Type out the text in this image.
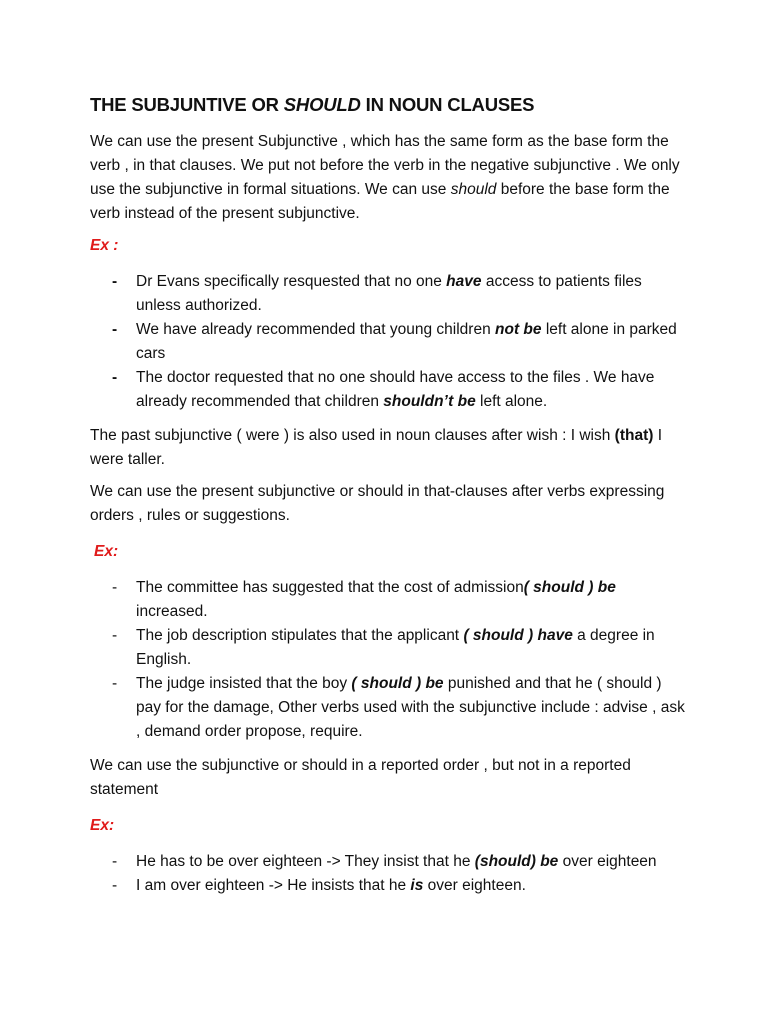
THE SUBJUNTIVE OR SHOULD IN NOUN CLAUSES

We can use the present Subjunctive , which has the same form as the base form the verb , in that clauses. We put not before the verb in the negative subjunctive . We only use the subjunctive in formal situations. We can use should before the base form the verb instead of the present subjunctive.

Ex :
- Dr Evans specifically resquested that no one have access to patients files unless authorized.
- We have already recommended that young children not be left alone in parked cars
- The doctor requested that no one should have access to the files . We have already recommended that children shouldn’t be left alone.

The past subjunctive ( were ) is also used in noun clauses after wish : I wish (that) I were taller.

We can use the present subjunctive or should in that-clauses after verbs expressing orders , rules or suggestions.

Ex:
- The committee has suggested that the cost of admission( should ) be increased.
- The job description stipulates that the applicant ( should ) have a degree in English.
- The judge insisted that the boy ( should ) be punished and that he ( should ) pay for the damage, Other verbs used with the subjunctive include : advise , ask , demand order propose, require.

We can use the subjunctive or should in a reported order , but not in a reported statement

Ex:
- He has to be over eighteen -> They insist that he (should) be over eighteen
- I am over eighteen -> He insists that he is over eighteen.
